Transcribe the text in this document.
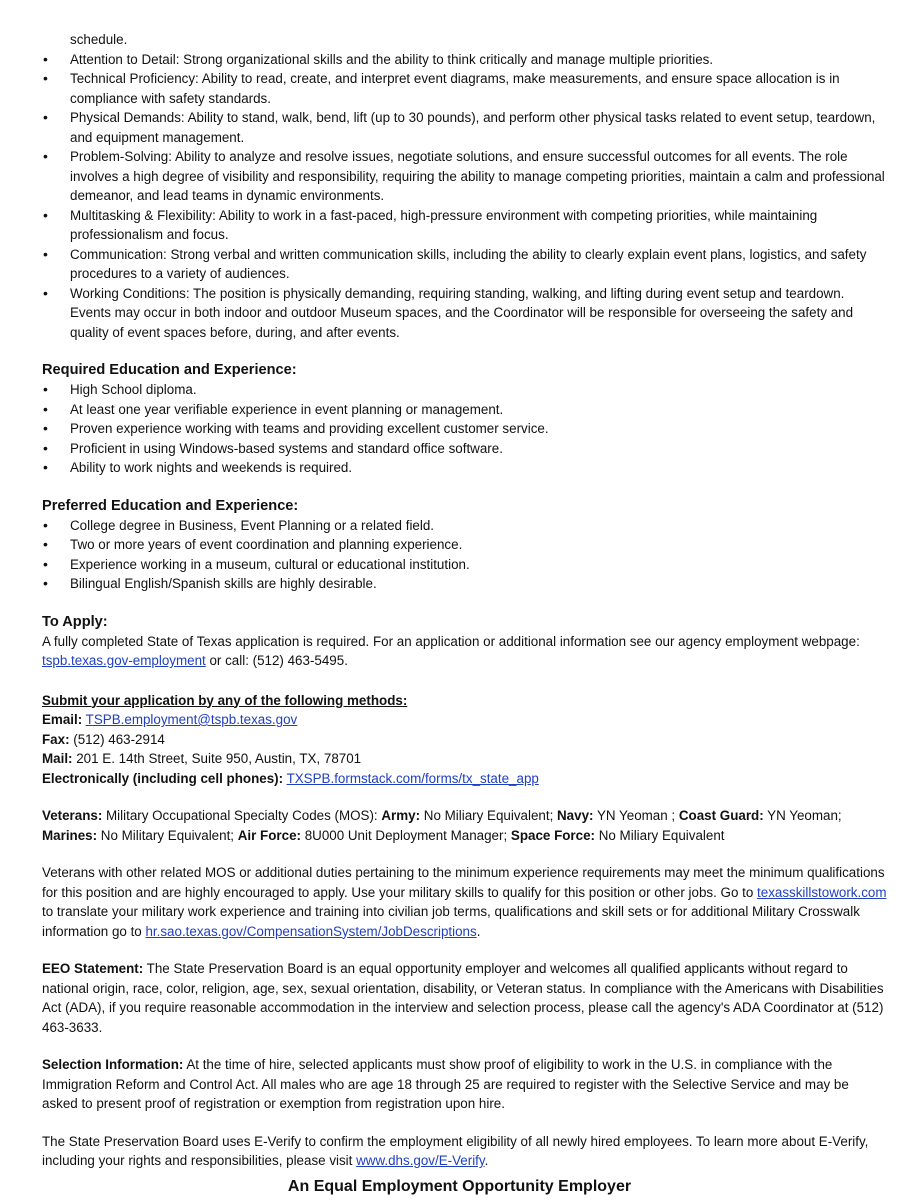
schedule.

• Attention to Detail: Strong organizational skills and the ability to think critically and manage multiple priorities.
• Technical Proficiency: Ability to read, create, and interpret event diagrams, make measurements, and ensure space allocation is in compliance with safety standards.
• Physical Demands: Ability to stand, walk, bend, lift (up to 30 pounds), and perform other physical tasks related to event setup, teardown, and equipment management.
• Problem-Solving: Ability to analyze and resolve issues, negotiate solutions, and ensure successful outcomes for all events. The role involves a high degree of visibility and responsibility, requiring the ability to manage competing priorities, maintain a calm and professional demeanor, and lead teams in dynamic environments.
• Multitasking & Flexibility: Ability to work in a fast-paced, high-pressure environment with competing priorities, while maintaining professionalism and focus.
• Communication: Strong verbal and written communication skills, including the ability to clearly explain event plans, logistics, and safety procedures to a variety of audiences.
• Working Conditions: The position is physically demanding, requiring standing, walking, and lifting during event setup and teardown. Events may occur in both indoor and outdoor Museum spaces, and the Coordinator will be responsible for overseeing the safety and quality of event spaces before, during, and after events.
Required Education and Experience:
• High School diploma.
• At least one year verifiable experience in event planning or management.
• Proven experience working with teams and providing excellent customer service.
• Proficient in using Windows-based systems and standard office software.
• Ability to work nights and weekends is required.
Preferred Education and Experience:
• College degree in Business, Event Planning or a related field.
• Two or more years of event coordination and planning experience.
• Experience working in a museum, cultural or educational institution.
• Bilingual English/Spanish skills are highly desirable.
To Apply:

A fully completed State of Texas application is required. For an application or additional information see our agency employment webpage: tspb.texas.gov-employment or call: (512) 463-5495.

Submit your application by any of the following methods:

Email: TSPB.employment@tspb.texas.gov

Fax: (512) 463-2914

Mail: 201 E. 14th Street, Suite 950, Austin, TX, 78701

Electronically (including cell phones): TXSPB.formstack.com/forms/tx_state_app

Veterans: Military Occupational Specialty Codes (MOS): Army: No Miliary Equivalent; Navy: YN Yeoman ; Coast Guard: YN Yeoman; Marines: No Military Equivalent; Air Force: 8U000 Unit Deployment Manager; Space Force: No Miliary Equivalent

Veterans with other related MOS or additional duties pertaining to the minimum experience requirements may meet the minimum qualifications for this position and are highly encouraged to apply. Use your military skills to qualify for this position or other jobs. Go to texasskillstowork.com to translate your military work experience and training into civilian job terms, qualifications and skill sets or for additional Military Crosswalk information go to hr.sao.texas.gov/CompensationSystem/JobDescriptions.

EEO Statement: The State Preservation Board is an equal opportunity employer and welcomes all qualified applicants without regard to national origin, race, color, religion, age, sex, sexual orientation, disability, or Veteran status. In compliance with the Americans with Disabilities Act (ADA), if you require reasonable accommodation in the interview and selection process, please call the agency's ADA Coordinator at (512) 463-3633.

Selection Information: At the time of hire, selected applicants must show proof of eligibility to work in the U.S. in compliance with the Immigration Reform and Control Act. All males who are age 18 through 25 are required to register with the Selective Service and may be asked to present proof of registration or exemption from registration upon hire.

The State Preservation Board uses E-Verify to confirm the employment eligibility of all newly hired employees. To learn more about E-Verify, including your rights and responsibilities, please visit www.dhs.gov/E-Verify.

An Equal Employment Opportunity Employer
